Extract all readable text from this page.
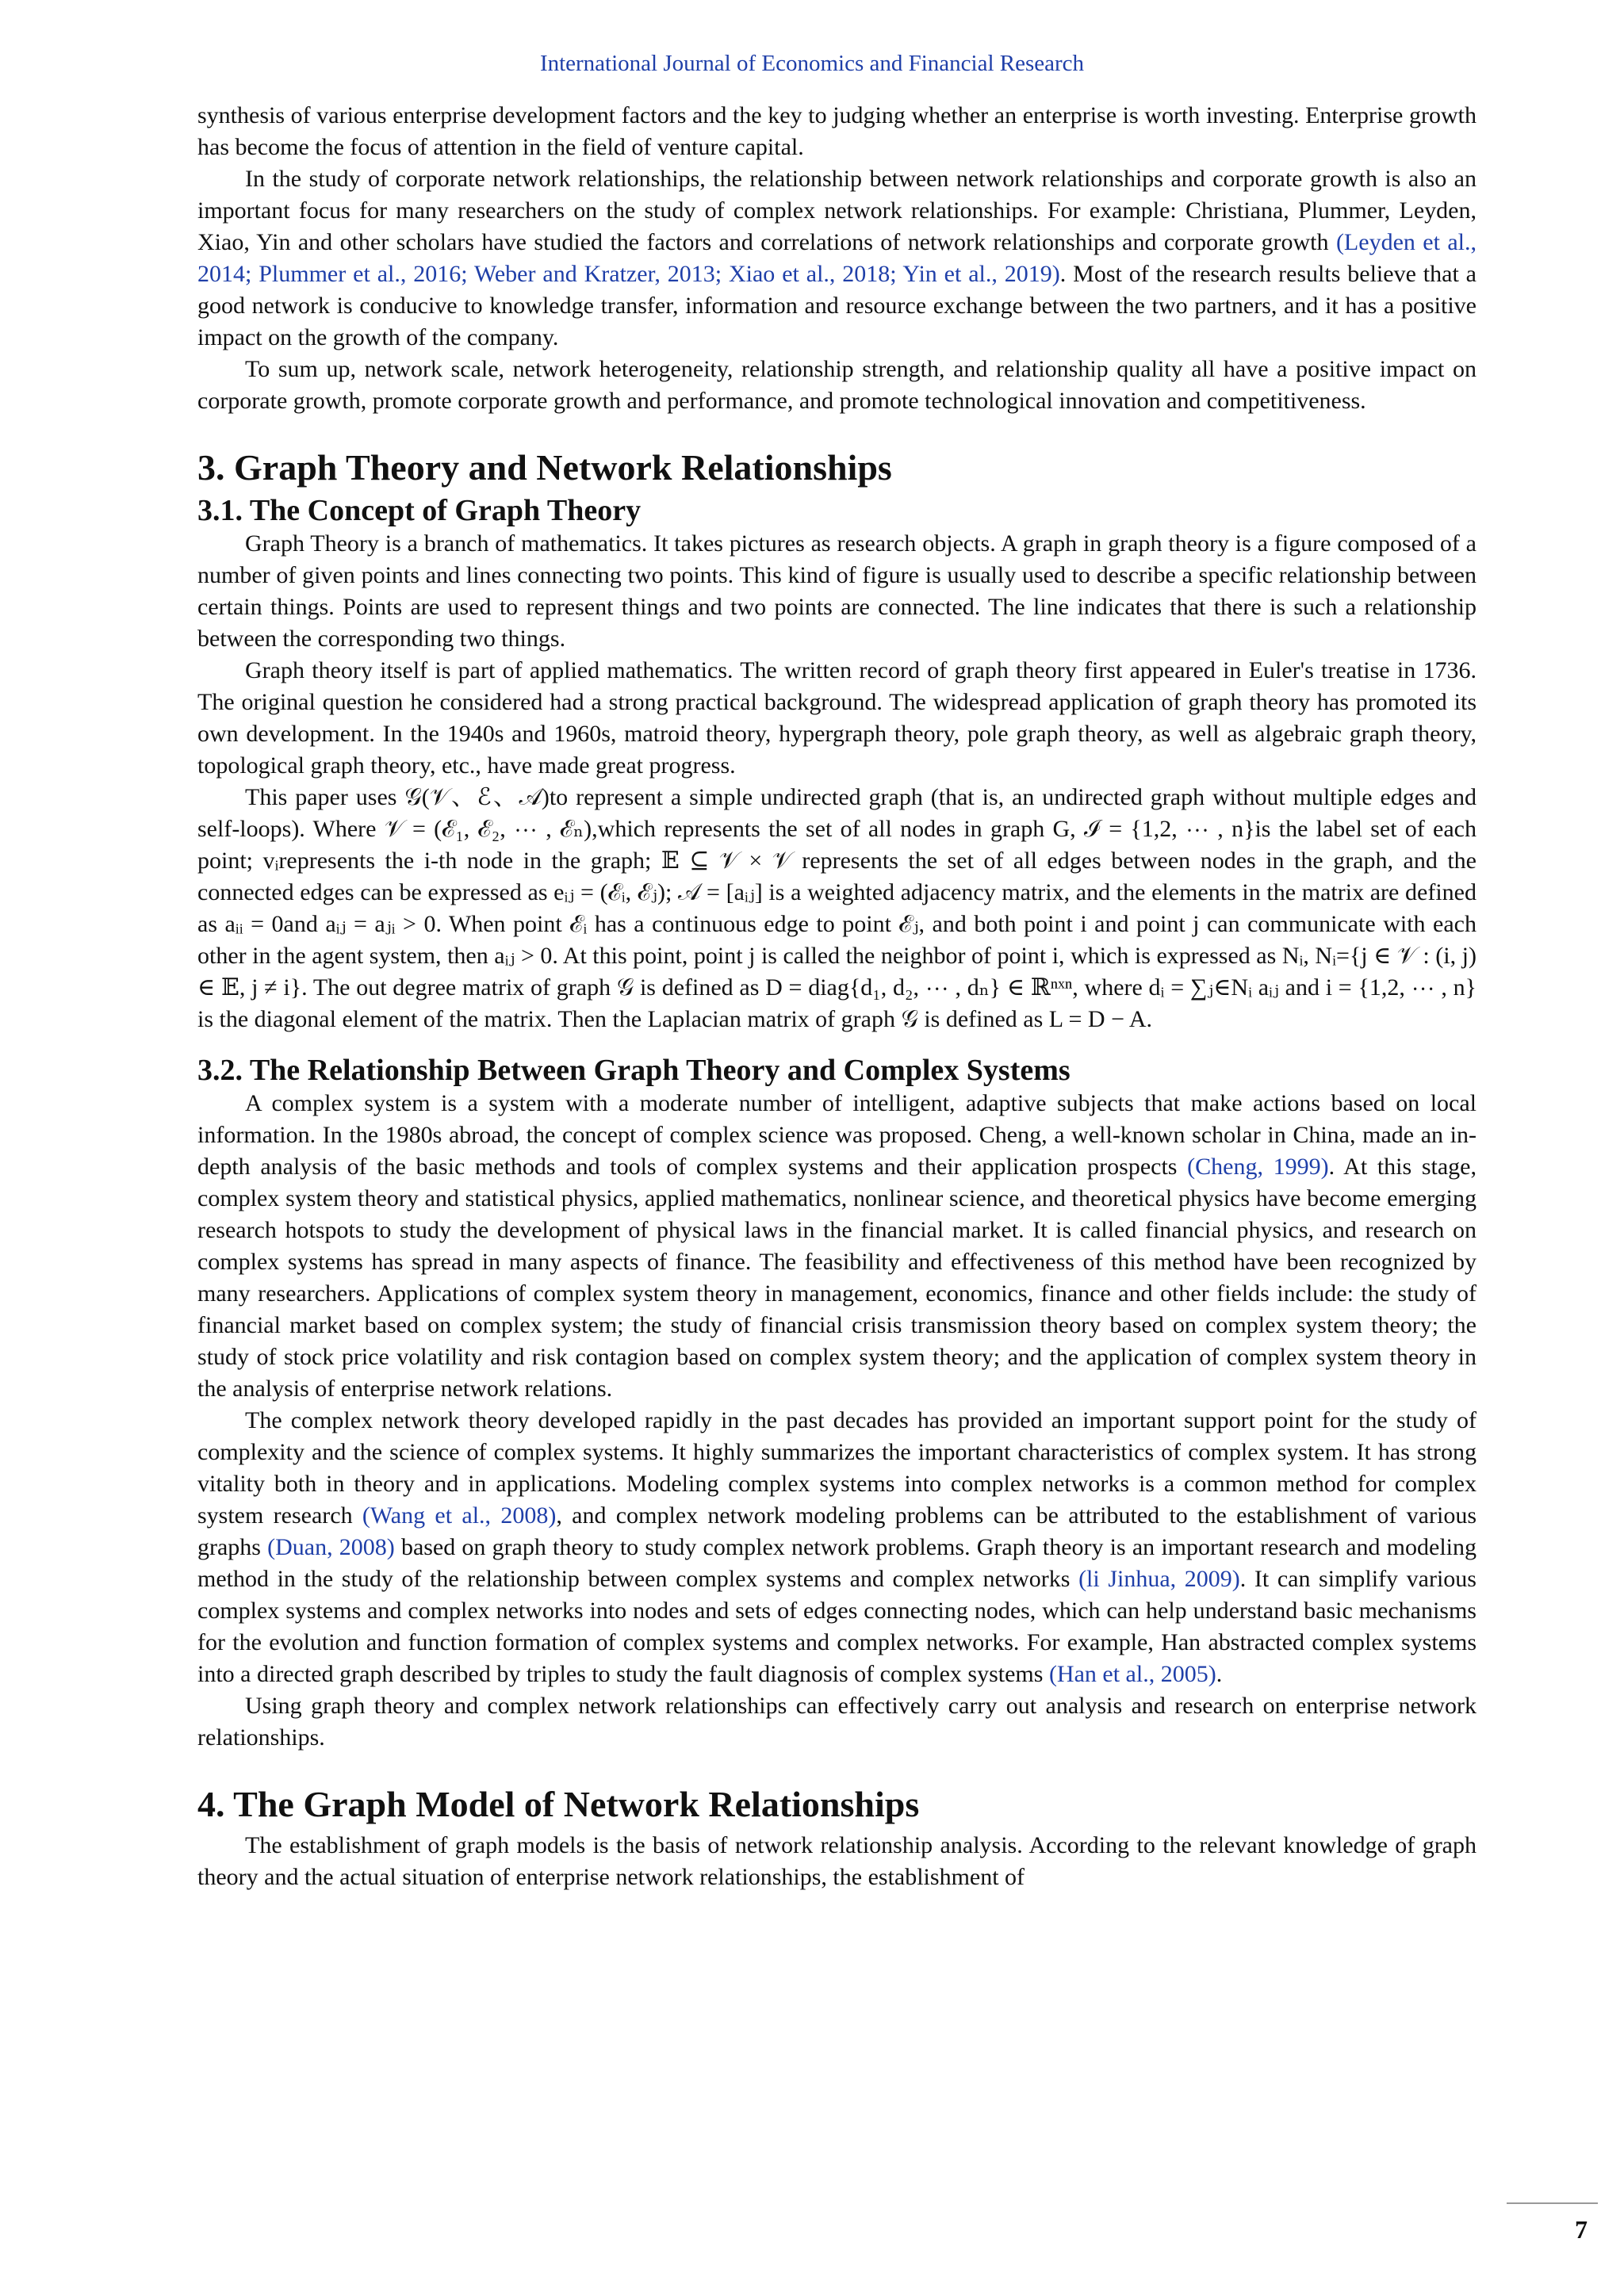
International Journal of Economics and Financial Research

synthesis of various enterprise development factors and the key to judging whether an enterprise is worth investing. Enterprise growth has become the focus of attention in the field of venture capital.

In the study of corporate network relationships, the relationship between network relationships and corporate growth is also an important focus for many researchers on the study of complex network relationships. For example: Christiana, Plummer, Leyden, Xiao, Yin and other scholars have studied the factors and correlations of network relationships and corporate growth (Leyden et al., 2014; Plummer et al., 2016; Weber and Kratzer, 2013; Xiao et al., 2018; Yin et al., 2019). Most of the research results believe that a good network is conducive to knowledge transfer, information and resource exchange between the two partners, and it has a positive impact on the growth of the company.

To sum up, network scale, network heterogeneity, relationship strength, and relationship quality all have a positive impact on corporate growth, promote corporate growth and performance, and promote technological innovation and competitiveness.

3. Graph Theory and Network Relationships
3.1. The Concept of Graph Theory

Graph Theory is a branch of mathematics. It takes pictures as research objects. A graph in graph theory is a figure composed of a number of given points and lines connecting two points. This kind of figure is usually used to describe a specific relationship between certain things. Points are used to represent things and two points are connected. The line indicates that there is such a relationship between the corresponding two things.

Graph theory itself is part of applied mathematics. The written record of graph theory first appeared in Euler's treatise in 1736. The original question he considered had a strong practical background. The widespread application of graph theory has promoted its own development. In the 1940s and 1960s, matroid theory, hypergraph theory, pole graph theory, as well as algebraic graph theory, topological graph theory, etc., have made great progress.

This paper uses 𝒢(𝒱、ℰ、𝒜)to represent a simple undirected graph (that is, an undirected graph without multiple edges and self-loops). Where 𝒱 = (ℰ₁, ℰ₂, ⋯ , ℰₙ),which represents the set of all nodes in graph G, ℐ = {1,2, ⋯ , n}is the label set of each point; vᵢrepresents the i-th node in the graph; 𝔼 ⊆ 𝒱 × 𝒱 represents the set of all edges between nodes in the graph, and the connected edges can be expressed as eᵢⱼ = (ℰᵢ, ℰⱼ); 𝒜 = [aᵢⱼ] is a weighted adjacency matrix, and the elements in the matrix are defined as aᵢᵢ = 0and aᵢⱼ = aⱼᵢ > 0. When point ℰᵢ has a continuous edge to point ℰⱼ, and both point i and point j can communicate with each other in the agent system, then aᵢⱼ > 0. At this point, point j is called the neighbor of point i, which is expressed as Nᵢ, Nᵢ={j ∈ 𝒱 : (i, j) ∈ 𝔼, j ≠ i}. The out degree matrix of graph 𝒢 is defined as D = diag{d₁, d₂, ⋯ , dₙ} ∈ ℝⁿˣⁿ, where dᵢ = ∑ⱼ∈Nᵢ aᵢⱼ and i = {1,2, ⋯ , n} is the diagonal element of the matrix. Then the Laplacian matrix of graph 𝒢 is defined as L = D − A.

3.2. The Relationship Between Graph Theory and Complex Systems

A complex system is a system with a moderate number of intelligent, adaptive subjects that make actions based on local information. In the 1980s abroad, the concept of complex science was proposed. Cheng, a well-known scholar in China, made an in-depth analysis of the basic methods and tools of complex systems and their application prospects (Cheng, 1999). At this stage, complex system theory and statistical physics, applied mathematics, nonlinear science, and theoretical physics have become emerging research hotspots to study the development of physical laws in the financial market. It is called financial physics, and research on complex systems has spread in many aspects of finance. The feasibility and effectiveness of this method have been recognized by many researchers. Applications of complex system theory in management, economics, finance and other fields include: the study of financial market based on complex system; the study of financial crisis transmission theory based on complex system theory; the study of stock price volatility and risk contagion based on complex system theory; and the application of complex system theory in the analysis of enterprise network relations.

The complex network theory developed rapidly in the past decades has provided an important support point for the study of complexity and the science of complex systems. It highly summarizes the important characteristics of complex system. It has strong vitality both in theory and in applications. Modeling complex systems into complex networks is a common method for complex system research (Wang et al., 2008), and complex network modeling problems can be attributed to the establishment of various graphs (Duan, 2008) based on graph theory to study complex network problems. Graph theory is an important research and modeling method in the study of the relationship between complex systems and complex networks (li Jinhua, 2009). It can simplify various complex systems and complex networks into nodes and sets of edges connecting nodes, which can help understand basic mechanisms for the evolution and function formation of complex systems and complex networks. For example, Han abstracted complex systems into a directed graph described by triples to study the fault diagnosis of complex systems (Han et al., 2005).

Using graph theory and complex network relationships can effectively carry out analysis and research on enterprise network relationships.

4. The Graph Model of Network Relationships

The establishment of graph models is the basis of network relationship analysis. According to the relevant knowledge of graph theory and the actual situation of enterprise network relationships, the establishment of

7
